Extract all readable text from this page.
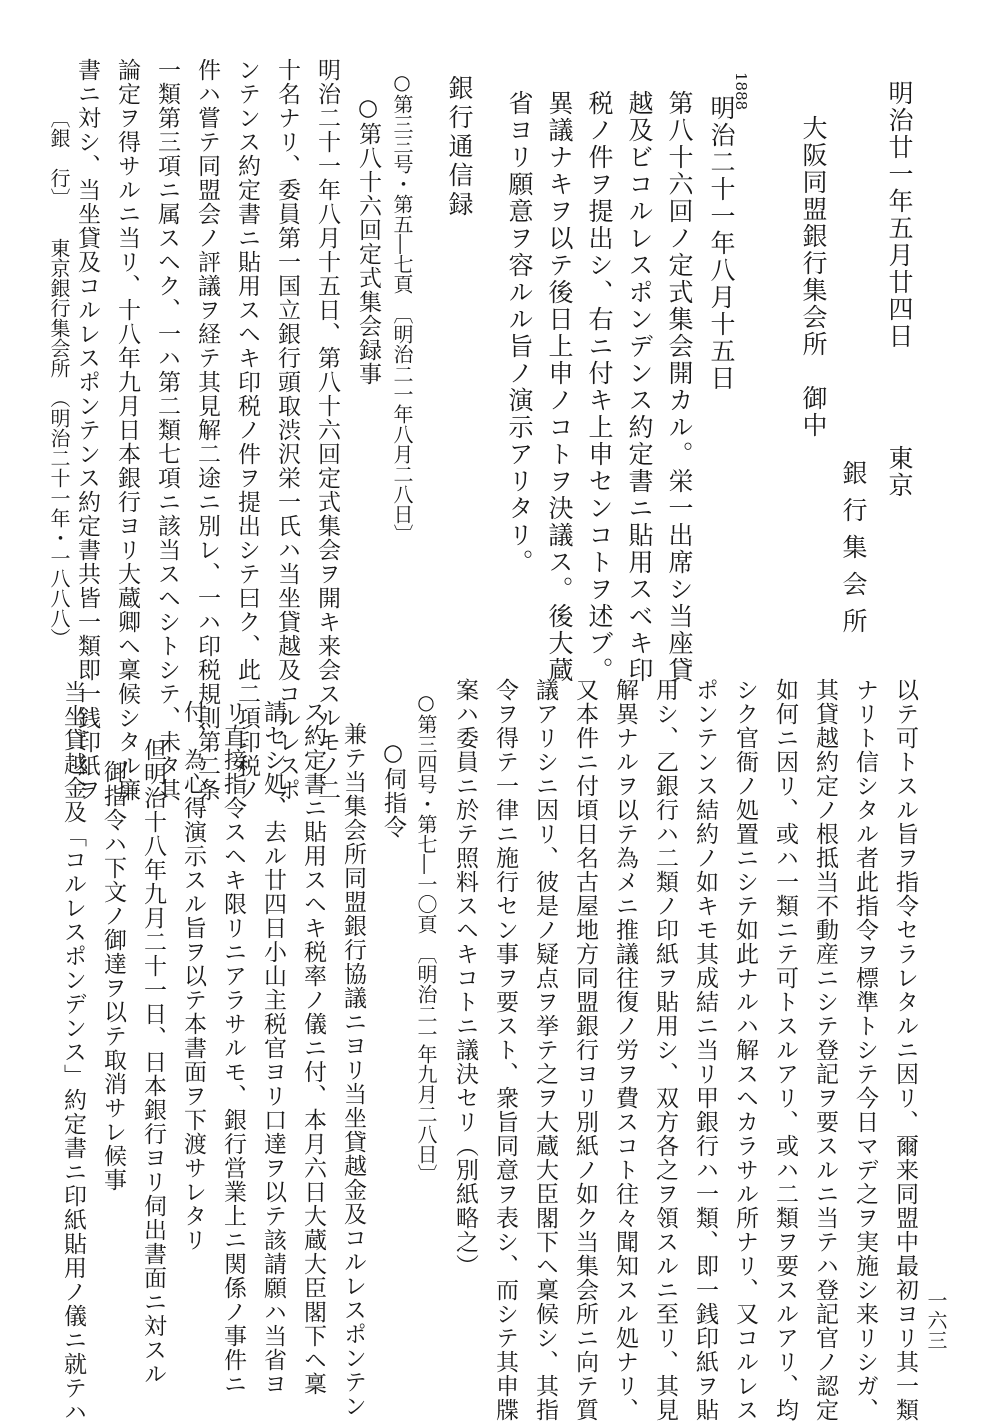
明治廿一年五月廿四日
東京
銀行集会所
大阪同盟銀行集会所　御中
1888
明治二十一年八月十五日
第八十六回ノ定式集会開カル。栄一出席シ当座貸
越及ビコルレスポンデンス約定書ニ貼用スベキ印
税ノ件ヲ提出シ、右ニ付キ上申センコトヲ述ブ。
異議ナキヲ以テ後日上申ノコトヲ決議ス。後大蔵
省ヨリ願意ヲ容ルル旨ノ演示アリタリ。
銀行通信録
○第三三号・第五―七頁　〔明治二一年八月二八日〕
○第八十六回定式集会録事
明治二十一年八月十五日、第八十六回定式集会ヲ開キ来会スルモノ二
十名ナリ、委員第一国立銀行頭取渋沢栄一氏ハ当坐貸越及コルレスポ
ンテンス約定書ニ貼用スヘキ印税ノ件ヲ提出シテ曰ク、此二項印税ノ
件ハ嘗テ同盟会ノ評議ヲ経テ其見解二途ニ別レ、一ハ印税規則第二条
一類第三項ニ属スヘク、一ハ第二類七項ニ該当スヘシトシテ、未タ其
論定ヲ得サルニ当リ、十八年九月日本銀行ヨリ大蔵卿ヘ稟候シタル廉
書ニ対シ、当坐貸及コルレスポンテンス約定書共皆一類即一銭印紙ヲ
〔銀　行〕　　東京銀行集会所　（明治二十一年・一八八八）
以テ可トスル旨ヲ指令セラレタルニ因リ、爾来同盟中最初ヨリ其一類
ナリト信シタル者此指令ヲ標準トシテ今日マデ之ヲ実施シ来リシガ、
其貸越約定ノ根抵当不動産ニシテ登記ヲ要スルニ当テハ登記官ノ認定
如何ニ因リ、或ハ一類ニテ可トスルアリ、或ハ二類ヲ要スルアリ、均
シク官衙ノ処置ニシテ如此ナルハ解スヘカラサル所ナリ、又コルレス
ポンテンス結約ノ如キモ其成結ニ当リ甲銀行ハ一類、即一銭印紙ヲ貼
用シ、乙銀行ハ二類ノ印紙ヲ貼用シ、双方各之ヲ領スルニ至リ、其見
解異ナルヲ以テ為メニ推議往復ノ労ヲ費スコト往々聞知スル処ナリ、
又本件ニ付頃日名古屋地方同盟銀行ヨリ別紙ノ如ク当集会所ニ向テ質
議アリシニ因リ、彼是ノ疑点ヲ挙テ之ヲ大蔵大臣閣下ヘ稟候シ、其指
令ヲ得テ一律ニ施行セン事ヲ要スト、衆旨同意ヲ表シ、而シテ其申牒
案ハ委員ニ於テ照料スヘキコトニ議決セリ（別紙略之）
○第三四号・第七―一〇頁　〔明治二一年九月二八日〕
○伺指令
兼テ当集会所同盟銀行協議ニヨリ当坐貸越金及コルレスポンテン
ス約定書ニ貼用スヘキ税率ノ儀ニ付、本月六日大蔵大臣閣下ヘ稟
請セシ処、去ル廿四日小山主税官ヨリ口達ヲ以テ該請願ハ当省ヨ
リ直接指令スヘキ限リニアラサルモ、銀行営業上ニ関係ノ事件ニ
付、為心得演示スル旨ヲ以テ本書面ヲ下渡サレタリ
但明治十八年九月二十一日、日本銀行ヨリ伺出書面ニ対スル
御指令ハ下文ノ御達ヲ以テ取消サレ候事
当坐貸越金及「コルレスポンデンス」約定書ニ印紙貼用ノ儀ニ就テハ	一六三
